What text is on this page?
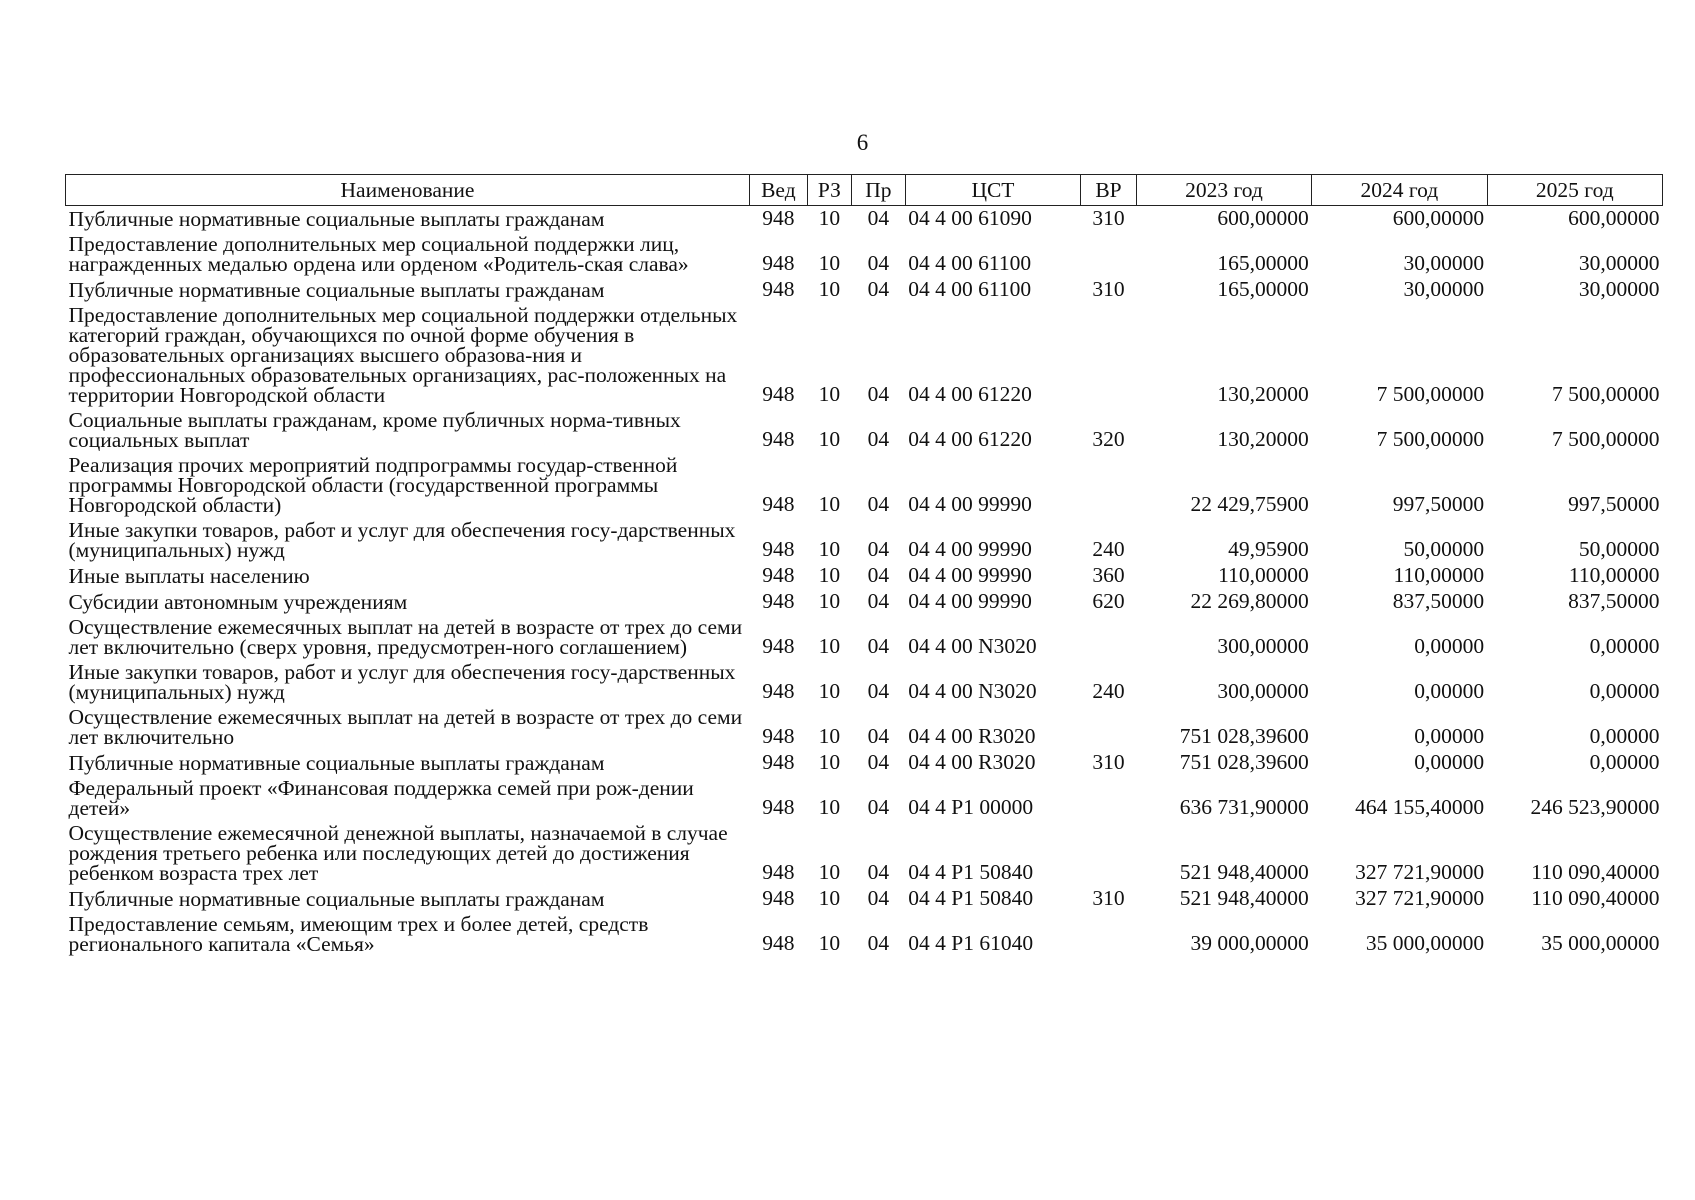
6
Наименование	Вед	РЗ	Пр	ЦСТ	ВР	2023 год	2024 год	2025 год
Публичные нормативные социальные выплаты гражданам	948	10	04	04 4 00 61090	310	600,00000	600,00000	600,00000
Предоставление дополнительных мер социальной поддержки лиц, награжденных медалью ордена или орденом «Родитель-ская слава»	948	10	04	04 4 00 61100		165,00000	30,00000	30,00000
Публичные нормативные социальные выплаты гражданам	948	10	04	04 4 00 61100	310	165,00000	30,00000	30,00000
Предоставление дополнительных мер социальной поддержки отдельных категорий граждан, обучающихся по очной форме обучения в образовательных организациях высшего образова-ния и профессиональных образовательных организациях, рас-положенных на территории Новгородской области	948	10	04	04 4 00 61220		130,20000	7 500,00000	7 500,00000
Социальные выплаты гражданам, кроме публичных норма-тивных социальных выплат	948	10	04	04 4 00 61220	320	130,20000	7 500,00000	7 500,00000
Реализация прочих мероприятий подпрограммы государ-ственной программы Новгородской области (государственной программы Новгородской области)	948	10	04	04 4 00 99990		22 429,75900	997,50000	997,50000
Иные закупки товаров, работ и услуг для обеспечения госу-дарственных (муниципальных) нужд	948	10	04	04 4 00 99990	240	49,95900	50,00000	50,00000
Иные выплаты населению	948	10	04	04 4 00 99990	360	110,00000	110,00000	110,00000
Субсидии автономным учреждениям	948	10	04	04 4 00 99990	620	22 269,80000	837,50000	837,50000
Осуществление ежемесячных выплат на детей в возрасте от трех до семи лет включительно (сверх уровня, предусмотрен-ного соглашением)	948	10	04	04 4 00 N3020		300,00000	0,00000	0,00000
Иные закупки товаров, работ и услуг для обеспечения госу-дарственных (муниципальных) нужд	948	10	04	04 4 00 N3020	240	300,00000	0,00000	0,00000
Осуществление ежемесячных выплат на детей в возрасте от трех до семи лет включительно	948	10	04	04 4 00 R3020		751 028,39600	0,00000	0,00000
Публичные нормативные социальные выплаты гражданам	948	10	04	04 4 00 R3020	310	751 028,39600	0,00000	0,00000
Федеральный проект «Финансовая поддержка семей при рож-дении детей»	948	10	04	04 4 P1 00000		636 731,90000	464 155,40000	246 523,90000
Осуществление ежемесячной денежной выплаты, назначаемой в случае рождения третьего ребенка или последующих детей до достижения ребенком возраста трех лет	948	10	04	04 4 P1 50840		521 948,40000	327 721,90000	110 090,40000
Публичные нормативные социальные выплаты гражданам	948	10	04	04 4 P1 50840	310	521 948,40000	327 721,90000	110 090,40000
Предоставление семьям, имеющим трех и более детей, средств регионального капитала «Семья»	948	10	04	04 4 P1 61040		39 000,00000	35 000,00000	35 000,00000
